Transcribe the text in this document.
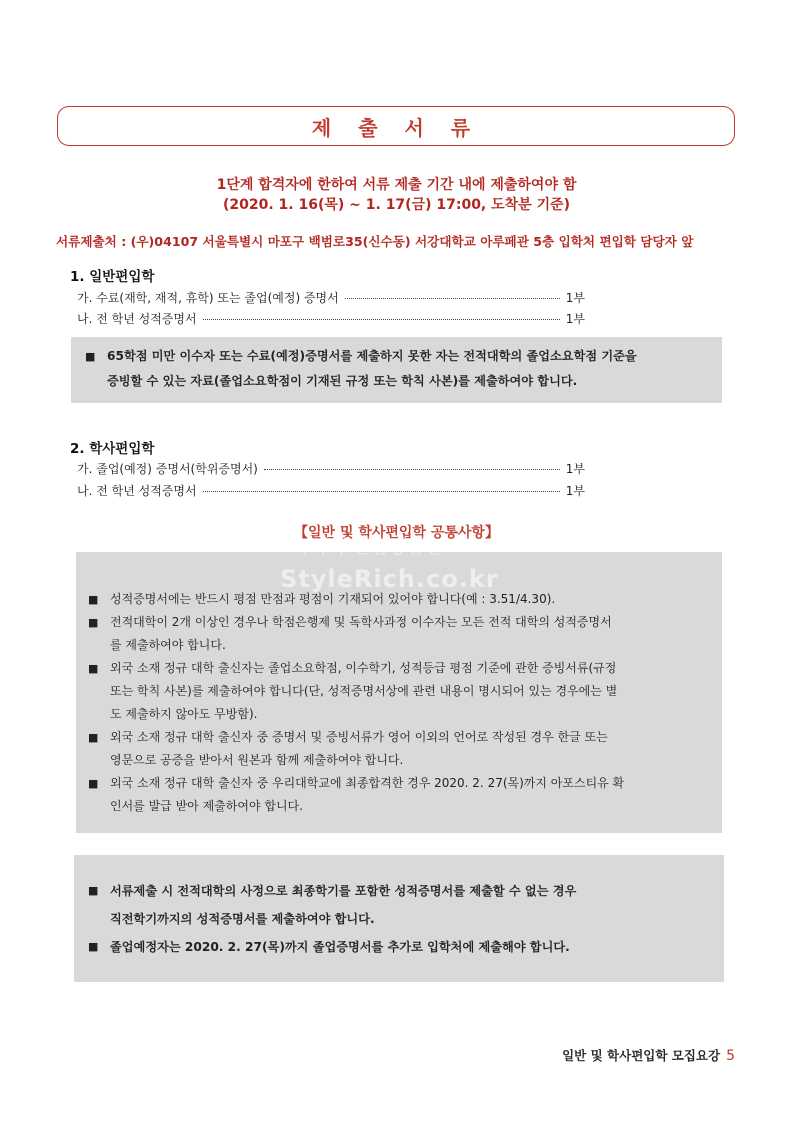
제 출 서 류
1단계 합격자에 한하여 서류 제출 기간 내에 제출하여야 함
(2020. 1. 16(목) ~ 1. 17(금) 17:00, 도착분 기준)
서류제출처 : (우)04107 서울특별시 마포구 백범로35(신수동) 서강대학교 아루페관 5층 입학처 편입학 담당자 앞
1. 일반편입학
가. 수료(재학, 재적, 휴학) 또는 졸업(예정) 증명서	1부
나. 전 학년 성적증명서	1부
■ 65학점 미만 이수자 또는 수료(예정)증명서를 제출하지 못한 자는 전적대학의 졸업소요학점 기준을
증빙할 수 있는 자료(졸업소요학점이 기재된 규정 또는 학칙 사본)를 제출하여야 합니다.
2. 학사편입학
가. 졸업(예정) 증명서(학위증명서)	1부
나. 전 학년 성적증명서	1부
■ 성적증명서에는 반드시 평점 만점과 평점이 기재되어 있어야 합니다(예 : 3.51/4.30).
■ 전적대학이 2개 이상인 경우나 학점은행제 및 독학사과정 이수자는 모든 전적 대학의 성적증명서
를 제출하여야 합니다.
■ 외국 소재 정규 대학 출신자는 졸업소요학점, 이수학기, 성적등급 평점 기준에 관한 증빙서류(규정
또는 학칙 사본)를 제출하여야 합니다(단, 성적증명서상에 관련 내용이 명시되어 있는 경우에는 별
도 제출하지 않아도 무방함).
■ 외국 소재 정규 대학 출신자 중 증명서 및 증빙서류가 영어 이외의 언어로 작성된 경우 한글 또는
영문으로 공증을 받아서 원본과 함께 제출하여야 합니다.
■ 외국 소재 정규 대학 출신자 중 우리대학교에 최종합격한 경우 2020. 2. 27(목)까지 아포스티유 확
인서를 발급 받아 제출하여야 합니다.
【일반 및 학사편입학 공통사항】
리치의 편입상담실
StyleRich.co.kr
■ 서류제출 시 전적대학의 사정으로 최종학기를 포함한 성적증명서를 제출할 수 없는 경우
직전학기까지의 성적증명서를 제출하여야 합니다.
■ 졸업예정자는 2020. 2. 27(목)까지 졸업증명서를 추가로 입학처에 제출해야 합니다.
일반 및 학사편입학 모집요강 5
